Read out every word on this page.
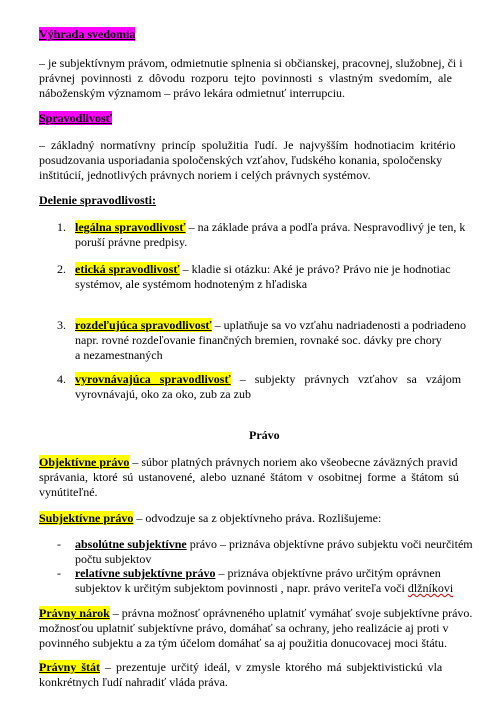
Výhrada svedomia
– je subjektívnym právom, odmietnutie splnenia si občianskej, pracovnej, služobnej, či i
právnej povinnosti z dôvodu rozporu tejto povinnosti s vlastným svedomím, ale
náboženským významom – právo lekára odmietnuť interrupciu.
Spravodlivosť
– základný normatívny princíp spolužitia ľudí. Je najvyšším hodnotiacim kritério
posudzovania usporiadania spoločenských vzťahov, ľudského konania, spoločensky
inštitúcií, jednotlivých právnych noriem i celých právnych systémov.
Delenie spravodlivosti:
1. legálna spravodlivosť – na základe práva a podľa práva. Nespravodlivý je ten, k
poruší právne predpisy.
2. etická spravodlivosť – kladie si otázku: Aké je právo? Právo nie je hodnotiac
systémov, ale systémom hodnoteným z hľadiska
3. rozdeľujúca spravodlivosť – uplatňuje sa vo vzťahu nadriadenosti a podriadeno
napr. rovné rozdeľovanie finančných bremien, rovnaké soc. dávky pre chory
a nezamestnaných
4. vyrovnávajúca spravodlivosť – subjekty právnych vzťahov sa vzájom
vyrovnávajú, oko za oko, zub za zub
Právo
Objektívne právo – súbor platných právnych noriem ako všeobecne záväzných pravid
správania, ktoré sú ustanovené, alebo uznané štátom v osobitnej forme a štátom sú
vynútiteľné.
Subjektívne právo – odvodzuje sa z objektívneho práva. Rozlišujeme:
- absolútne subjektívne právo – priznáva objektívne právo subjektu voči neurčitém
počtu subjektov
- relatívne subjektívne právo – priznáva objektívne právo určitým oprávnen
subjektov k určitým subjektom povinnosti , napr. právo veriteľa voči dlžníkovi
Právny nárok – právna možnosť oprávneného uplatniť vymáhať svoje subjektívne právo.
možnosťou uplatniť subjektívne právo, domáhať sa ochrany, jeho realizácie aj proti v
povinného subjektu a za tým účelom domáhať sa aj použitia donucovacej moci štátu.
Právny štát – prezentuje určitý ideál, v zmysle ktorého má subjektivistickú vla
konkrétnych ľudí nahradiť vláda práva.
